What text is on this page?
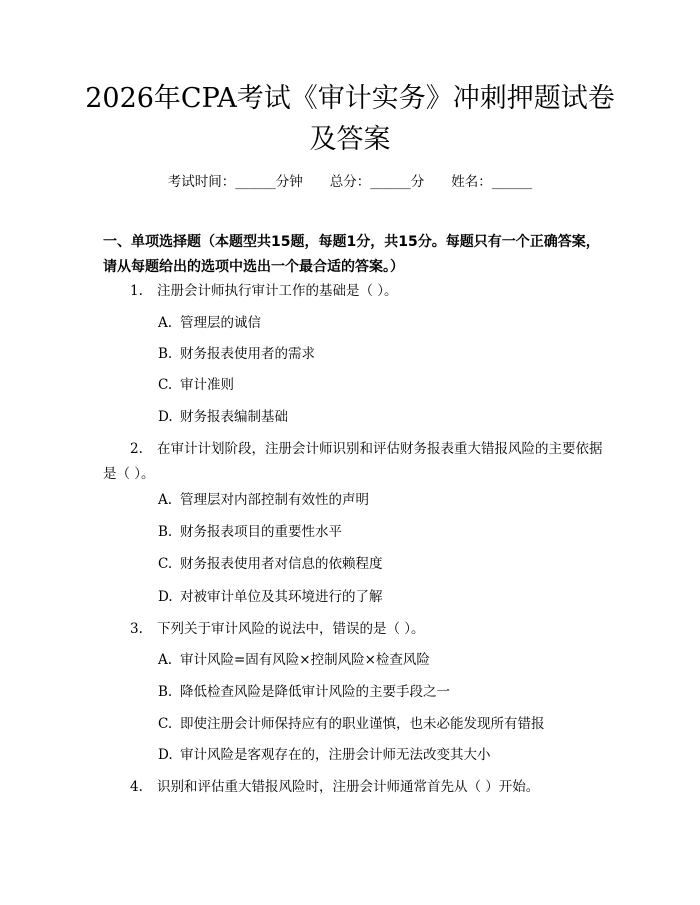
2026年CPA考试《审计实务》冲刺押题试卷及答案
考试时间：______分钟　　总分：______分　　姓名：______
一、单项选择题（本题型共15题，每题1分，共15分。每题只有一个正确答案，请从每题给出的选项中选出一个最合适的答案。）
1. 注册会计师执行审计工作的基础是（ ）。
A. 管理层的诚信
B. 财务报表使用者的需求
C. 审计准则
D. 财务报表编制基础
2. 在审计计划阶段，注册会计师识别和评估财务报表重大错报风险的主要依据是（ ）。
A. 管理层对内部控制有效性的声明
B. 财务报表项目的重要性水平
C. 财务报表使用者对信息的依赖程度
D. 对被审计单位及其环境进行的了解
3. 下列关于审计风险的说法中，错误的是（ ）。
A. 审计风险=固有风险×控制风险×检查风险
B. 降低检查风险是降低审计风险的主要手段之一
C. 即使注册会计师保持应有的职业谨慎，也未必能发现所有错报
D. 审计风险是客观存在的，注册会计师无法改变其大小
4. 识别和评估重大错报风险时，注册会计师通常首先从（ ）开始。
